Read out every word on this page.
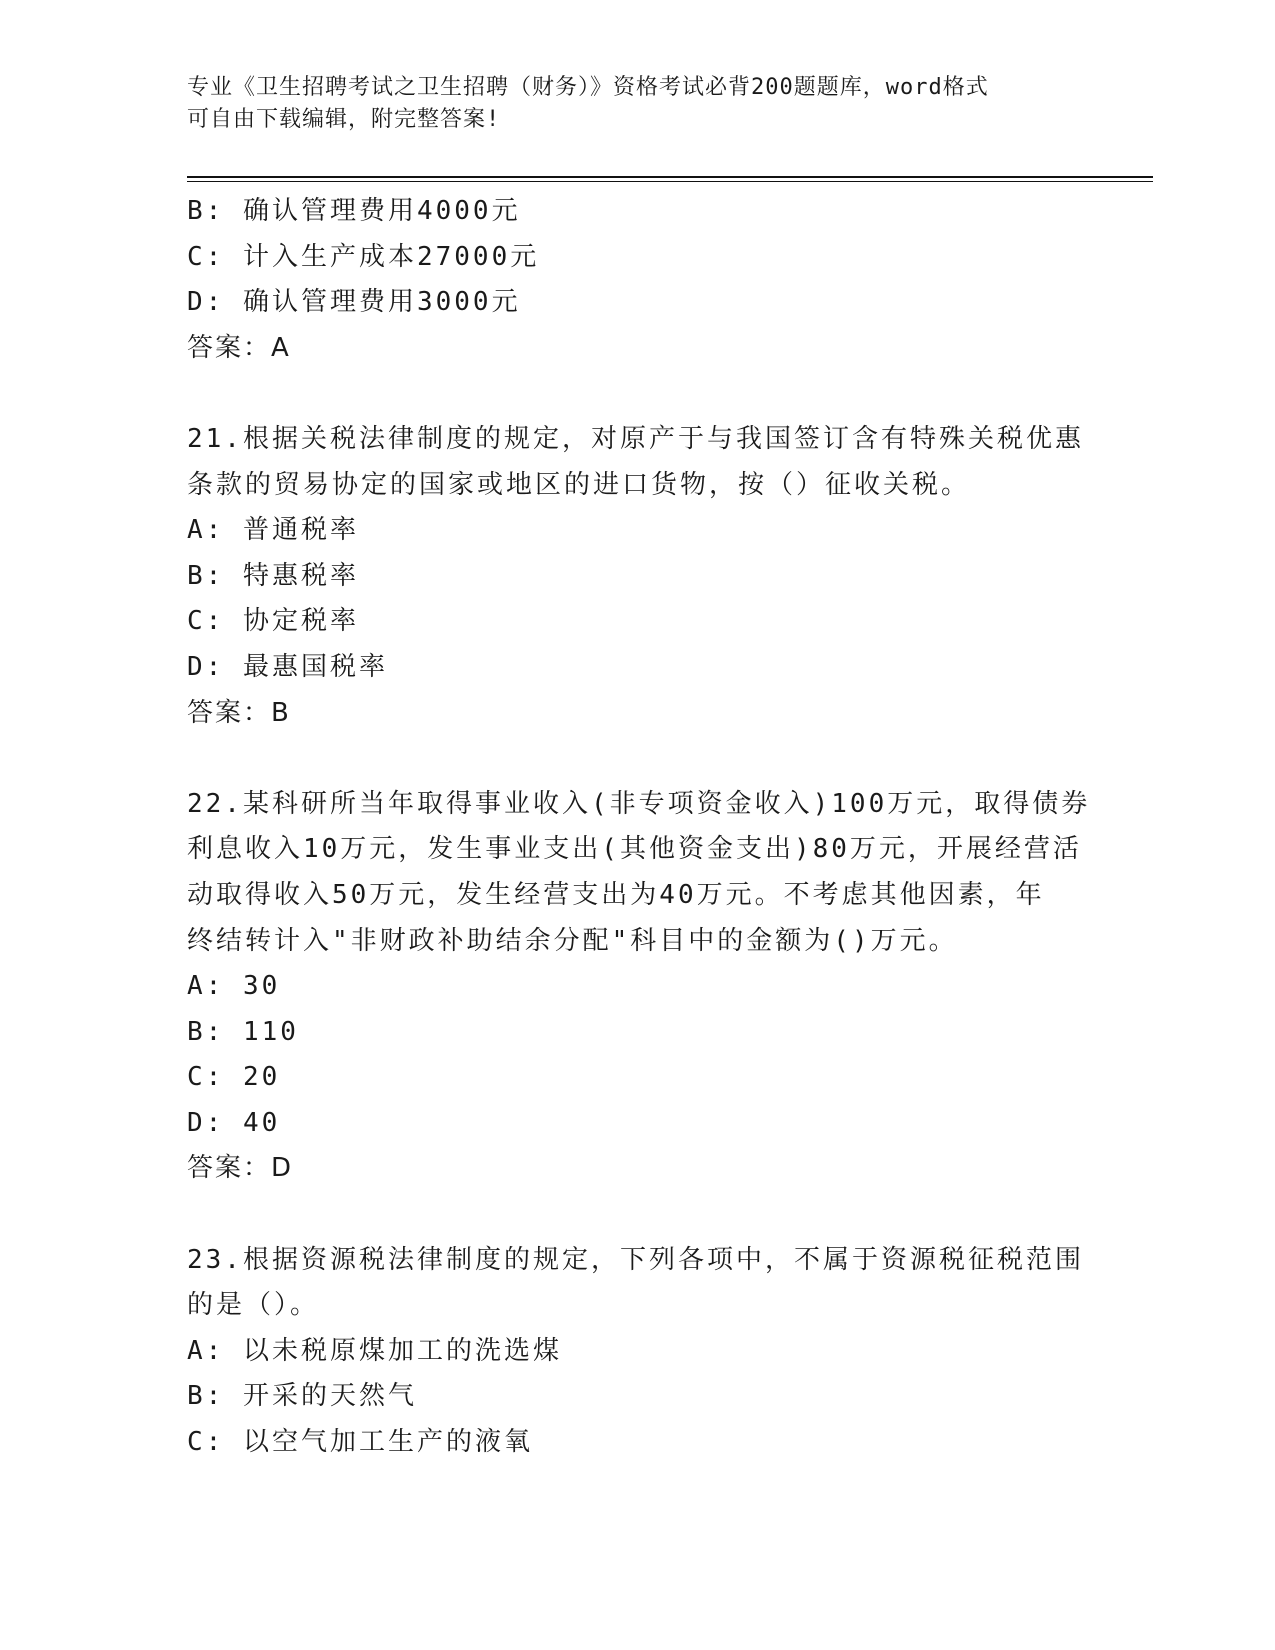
专业《卫生招聘考试之卫生招聘（财务）》资格考试必背200题题库，word格式
可自由下载编辑，附完整答案!
B: 确认管理费用4000元
C: 计入生产成本27000元
D: 确认管理费用3000元
答案：A
21.根据关税法律制度的规定，对原产于与我国签订含有特殊关税优惠
条款的贸易协定的国家或地区的进口货物，按（）征收关税。
A: 普通税率
B: 特惠税率
C: 协定税率
D: 最惠国税率
答案：B
22.某科研所当年取得事业收入(非专项资金收入)100万元，取得债券
利息收入10万元，发生事业支出(其他资金支出)80万元，开展经营活
动取得收入50万元，发生经营支出为40万元。不考虑其他因素，年
终结转计入"非财政补助结余分配"科目中的金额为()万元。
A: 30
B: 110
C: 20
D: 40
答案：D
23.根据资源税法律制度的规定，下列各项中，不属于资源税征税范围
的是（）。
A: 以未税原煤加工的洗选煤
B: 开采的天然气
C: 以空气加工生产的液氧
